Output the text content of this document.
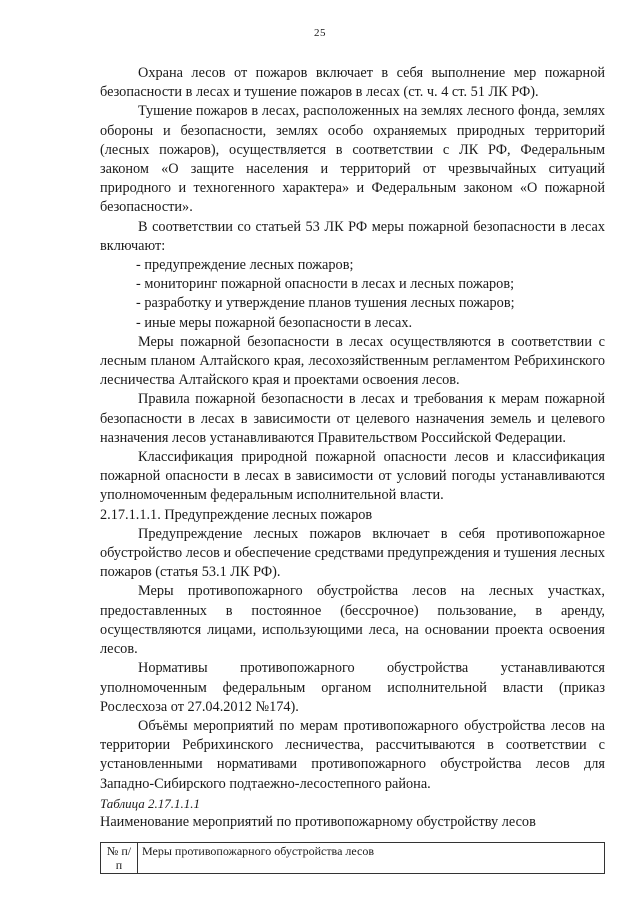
25

Охрана лесов от пожаров включает в себя выполнение мер пожарной безопасности в лесах и тушение пожаров в лесах (ст. ч. 4 ст. 51 ЛК РФ).

Тушение пожаров в лесах, расположенных на землях лесного фонда, землях обороны и безопасности, землях особо охраняемых природных территорий (лесных пожаров), осуществляется в соответствии с ЛК РФ, Федеральным законом «О защите населения и территорий от чрезвычайных ситуаций природного и техногенного характера» и Федеральным законом «О пожарной безопасности».

В соответствии со статьей 53 ЛК РФ меры пожарной безопасности в лесах включают:

- предупреждение лесных пожаров;

- мониторинг пожарной опасности в лесах и лесных пожаров;

- разработку и утверждение планов тушения лесных пожаров;

- иные меры пожарной безопасности в лесах.

Меры пожарной безопасности в лесах осуществляются в соответствии с лесным планом Алтайского края, лесохозяйственным регламентом Ребрихинского лесничества Алтайского края и проектами освоения лесов.

Правила пожарной безопасности в лесах и требования к мерам пожарной безопасности в лесах в зависимости от целевого назначения земель и целевого назначения лесов устанавливаются Правительством Российской Федерации.

Классификация природной пожарной опасности лесов и классификация пожарной опасности в лесах в зависимости от условий погоды устанавливаются уполномоченным федеральным исполнительной власти.

2.17.1.1.1. Предупреждение лесных пожаров

Предупреждение лесных пожаров включает в себя противопожарное обустройство лесов и обеспечение средствами предупреждения и тушения лесных пожаров (статья 53.1 ЛК РФ).

Меры противопожарного обустройства лесов на лесных участках, предоставленных в постоянное (бессрочное) пользование, в аренду, осуществляются лицами, использующими леса, на основании проекта освоения лесов.

Нормативы противопожарного обустройства устанавливаются уполномоченным федеральным органом исполнительной власти (приказ Рослесхоза от 27.04.2012 №174).

Объёмы мероприятий по мерам противопожарного обустройства лесов на территории Ребрихинского лесничества, рассчитываются в соответствии с установленными нормативами противопожарного обустройства лесов для Западно-Сибирского подтаежно-лесостепного района.

Таблица 2.17.1.1.1

Наименование мероприятий по противопожарному обустройству лесов

№ п/п	Меры противопожарного обустройства лесов
